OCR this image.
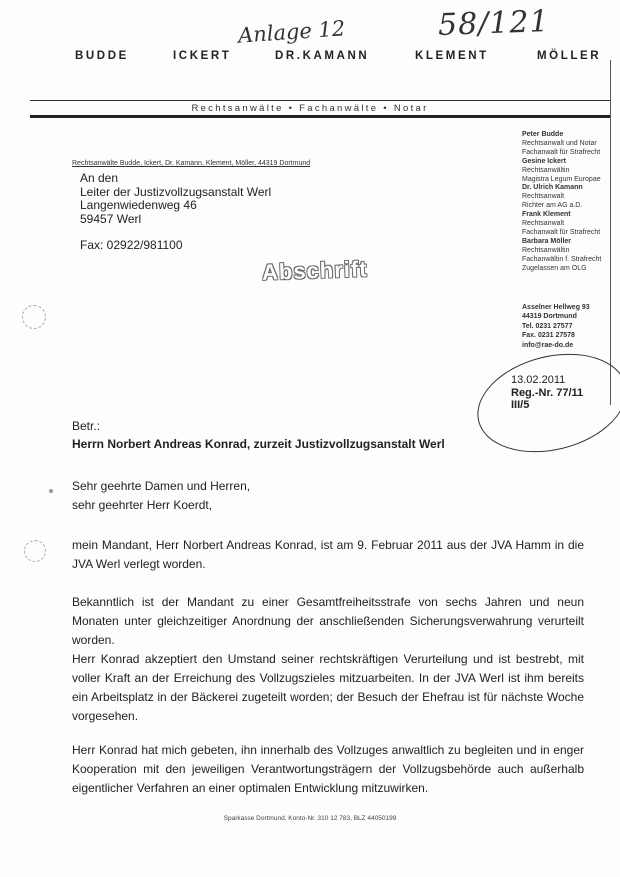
58/121
Anlage 12
BUDDE	ICKERT	DR.KAMANN	KLEMENT	MÖLLER
Rechtsanwälte • Fachanwälte • Notar
Rechtsanwälte Budde, Ickert, Dr. Kamann, Klement, Möller, 44319 Dortmund
An den
Leiter der Justizvollzugsanstalt Werl
Langenwiedenweg 46
59457 Werl
Fax: 02922/981100
Abschrift
Peter Budde
Rechtsanwalt und Notar
Fachanwalt für Strafrecht
Gesine Ickert
Rechtsanwältin
Magistra Legum Europae
Dr. Ulrich Kamann
Rechtsanwalt
Richter am AG a.D.
Frank Klement
Rechtsanwalt
Fachanwalt für Strafrecht
Barbara Möller
Rechtsanwältin
Fachanwältin f. Strafrecht
Zugelassen am OLG
Asselner Hellweg 93
44319 Dortmund
Tel. 0231 27577
Fax. 0231 27578
info@rae-do.de
13.02.2011
Reg.-Nr. 77/11
III/5
Betr.:
Herrn Norbert Andreas Konrad, zurzeit Justizvollzugsanstalt Werl
Sehr geehrte Damen und Herren,
sehr geehrter Herr Koerdt,
mein Mandant, Herr Norbert Andreas Konrad, ist am 9. Februar 2011 aus der JVA Hamm in die JVA Werl verlegt worden.
Bekanntlich ist der Mandant zu einer Gesamtfreiheitsstrafe von sechs Jahren und neun Monaten unter gleichzeitiger Anordnung der anschließenden Sicherungsverwahrung verurteilt worden.
Herr Konrad akzeptiert den Umstand seiner rechtskräftigen Verurteilung und ist bestrebt, mit voller Kraft an der Erreichung des Vollzugszieles mitzuarbeiten. In der JVA Werl ist ihm bereits ein Arbeitsplatz in der Bäckerei zugeteilt worden; der Besuch der Ehefrau ist für nächste Woche vorgesehen.
Herr Konrad hat mich gebeten, ihn innerhalb des Vollzuges anwaltlich zu begleiten und in enger Kooperation mit den jeweiligen Verantwortungsträgern der Vollzugsbehörde auch außerhalb eigentlicher Verfahren an einer optimalen Entwicklung mitzuwirken.
Sparkasse Dortmund, Konto-Nr. 310 12 783, BLZ 44050199
